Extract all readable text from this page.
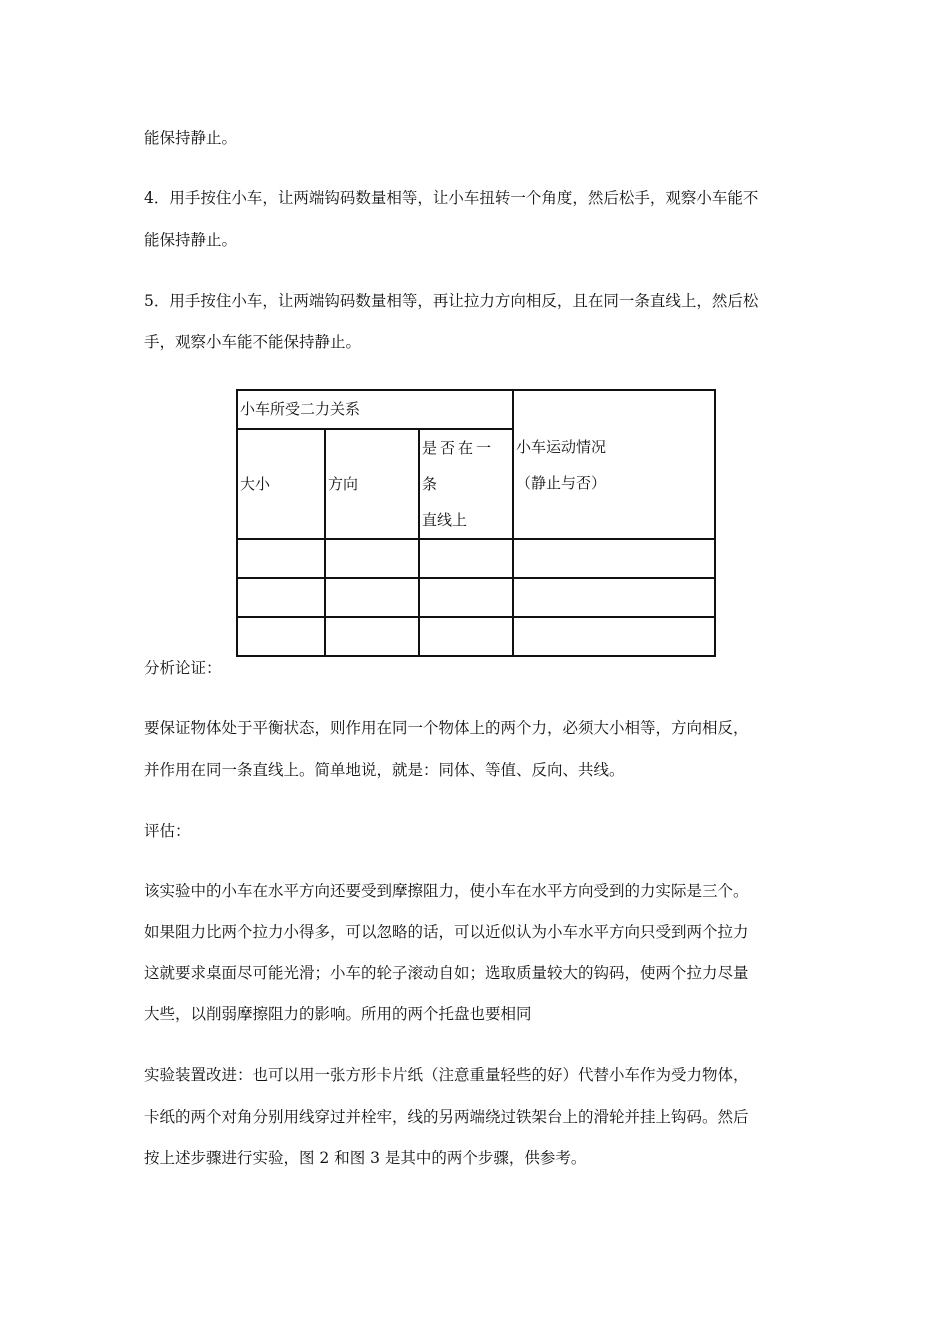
能保持静止。

4．用手按住小车，让两端钩码数量相等，让小车扭转一个角度，然后松手，观察小车能不

能保持静止。

5．用手按住小车，让两端钩码数量相等，再让拉力方向相反，且在同一条直线上，然后松

手，观察小车能不能保持静止。

小车所受二力关系			小车运动情况
（静止与否）

大小	方向	是否在一条
直线上	

分析论证：

要保证物体处于平衡状态，则作用在同一个物体上的两个力，必须大小相等，方向相反，

并作用在同一条直线上。简单地说，就是：同体、等值、反向、共线。

评估：

该实验中的小车在水平方向还要受到摩擦阻力，使小车在水平方向受到的力实际是三个。

如果阻力比两个拉力小得多，可以忽略的话，可以近似认为小车水平方向只受到两个拉力

这就要求桌面尽可能光滑；小车的轮子滚动自如；选取质量较大的钩码，使两个拉力尽量

大些，以削弱摩擦阻力的影响。所用的两个托盘也要相同

实验装置改进：也可以用一张方形卡片纸（注意重量轻些的好）代替小车作为受力物体，

卡纸的两个对角分别用线穿过并栓牢，线的另两端绕过铁架台上的滑轮并挂上钩码。然后

按上述步骤进行实验，图 2 和图 3 是其中的两个步骤，供参考。
